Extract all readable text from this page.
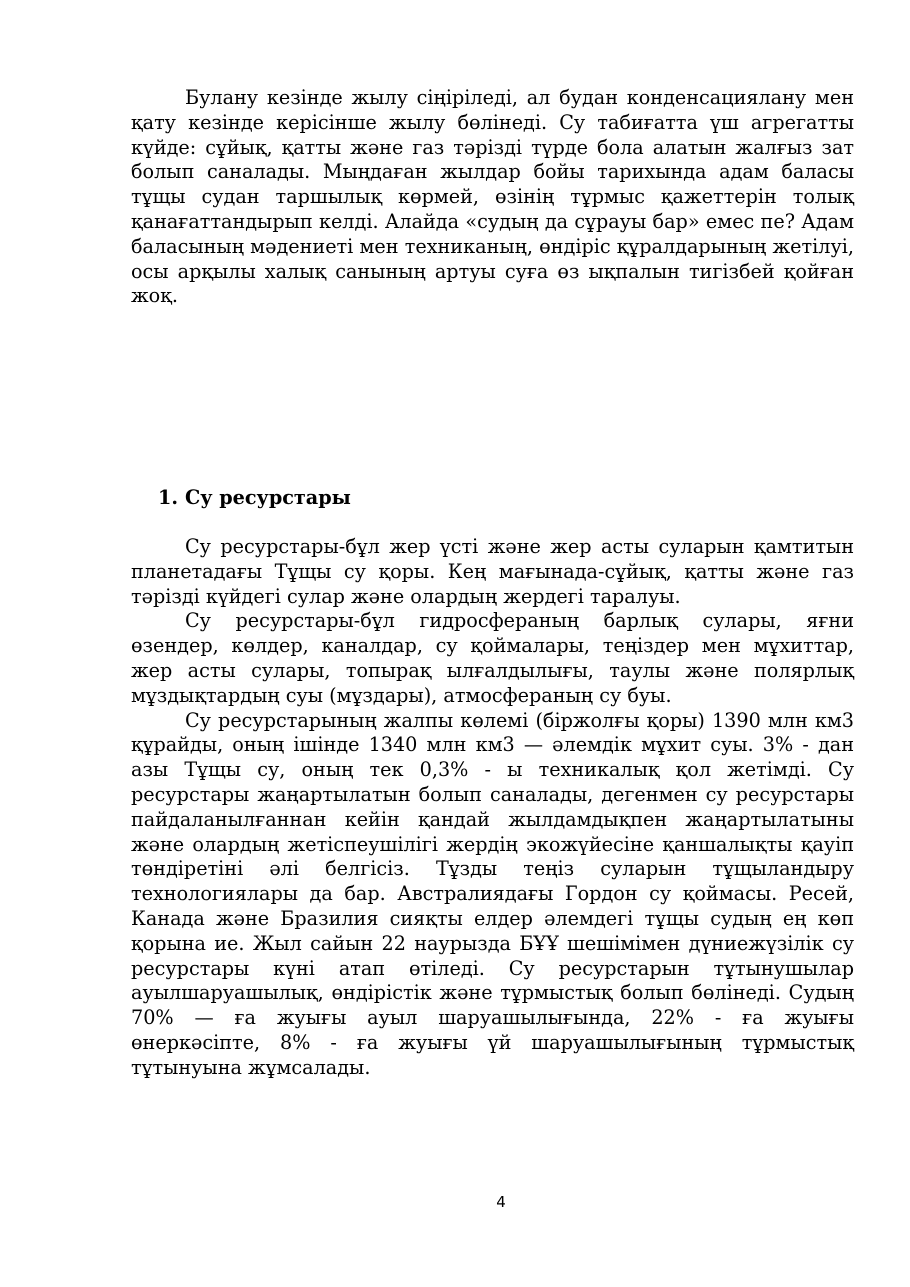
Булану кезінде жылу сіңіріледі, ал будан конденсациялану мен қату кезінде керісінше жылу бөлінеді. Су табиғатта үш агрегатты күйде: сұйық, қатты және газ тәрізді түрде бола алатын жалғыз зат болып саналады. Мыңдаған жылдар бойы тарихында адам баласы тұщы судан таршылық көрмей, өзінің тұрмыс қажеттерін толық қанағаттандырып келді. Алайда «судың да сұрауы бар» емес пе? Адам баласының мәдениеті мен техниканың, өндіріс құралдарының жетілуі, осы арқылы халық санының артуы суға өз ықпалын тигізбей қойған жоқ.

1. Су ресурстары

Су ресурстары-бұл жер үсті және жер асты суларын қамтитын планетадағы Тұщы су қоры. Кең мағынада-сұйық, қатты және газ тәрізді күйдегі сулар және олардың жердегі таралуы.

Су ресурстары-бұл гидросфераның барлық сулары, яғни өзендер, көлдер, каналдар, су қоймалары, теңіздер мен мұхиттар, жер асты сулары, топырақ ылғалдылығы, таулы және полярлық мұздықтардың суы (мұздары), атмосфераның су буы.

Су ресурстарының жалпы көлемі (біржолғы қоры) 1390 млн км3 құрайды, оның ішінде 1340 млн км3 — әлемдік мұхит суы. 3% - дан азы Тұщы су, оның тек 0,3% - ы техникалық қол жетімді. Су ресурстары жаңартылатын болып саналады, дегенмен су ресурстары пайдаланылғаннан кейін қандай жылдамдықпен жаңартылатыны және олардың жетіспеушілігі жердің экожүйесіне қаншалықты қауіп төндіретіні әлі белгісіз. Тұзды теңіз суларын тұщыландыру технологиялары да бар. Австралиядағы Гордон су қоймасы. Ресей, Канада және Бразилия сияқты елдер әлемдегі тұщы судың ең көп қорына ие. Жыл сайын 22 наурызда БҰҰ шешімімен дүниежүзілік су ресурстары күні атап өтіледі. Су ресурстарын тұтынушылар ауылшаруашылық, өндірістік және тұрмыстық болып бөлінеді. Судың 70% — ға жуығы ауыл шаруашылығында, 22% - ға жуығы өнеркәсіпте, 8% - ға жуығы үй шаруашылығының тұрмыстық тұтынуына жұмсалады.

4
